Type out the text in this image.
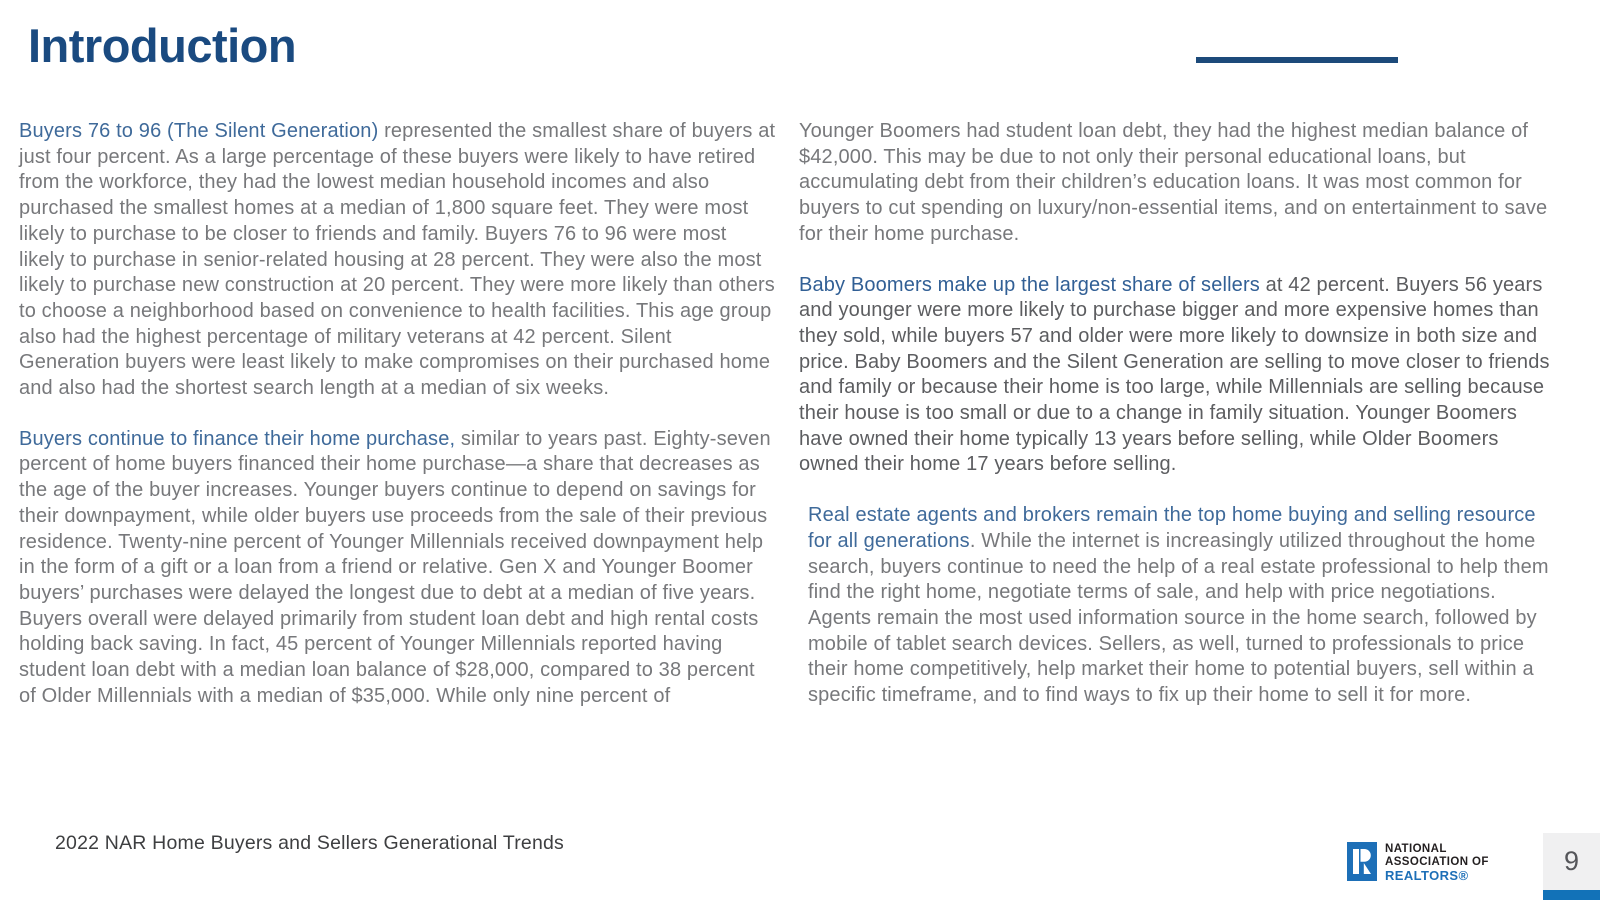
Introduction

Buyers 76 to 96 (The Silent Generation) represented the smallest share of buyers at just four percent. As a large percentage of these buyers were likely to have retired from the workforce, they had the lowest median household incomes and also purchased the smallest homes at a median of 1,800 square feet. They were most likely to purchase to be closer to friends and family. Buyers 76 to 96 were most likely to purchase in senior-related housing at 28 percent. They were also the most likely to purchase new construction at 20 percent. They were more likely than others to choose a neighborhood based on convenience to health facilities. This age group also had the highest percentage of military veterans at 42 percent. Silent Generation buyers were least likely to make compromises on their purchased home and also had the shortest search length at a median of six weeks.

Buyers continue to finance their home purchase, similar to years past. Eighty-seven percent of home buyers financed their home purchase—a share that decreases as the age of the buyer increases. Younger buyers continue to depend on savings for their downpayment, while older buyers use proceeds from the sale of their previous residence. Twenty-nine percent of Younger Millennials received downpayment help in the form of a gift or a loan from a friend or relative. Gen X and Younger Boomer buyers’ purchases were delayed the longest due to debt at a median of five years. Buyers overall were delayed primarily from student loan debt and high rental costs holding back saving. In fact, 45 percent of Younger Millennials reported having student loan debt with a median loan balance of $28,000, compared to 38 percent of Older Millennials with a median of $35,000. While only nine percent of

Younger Boomers had student loan debt, they had the highest median balance of $42,000. This may be due to not only their personal educational loans, but accumulating debt from their children’s education loans. It was most common for buyers to cut spending on luxury/non-essential items, and on entertainment to save for their home purchase.

Baby Boomers make up the largest share of sellers at 42 percent. Buyers 56 years and younger were more likely to purchase bigger and more expensive homes than they sold, while buyers 57 and older were more likely to downsize in both size and price. Baby Boomers and the Silent Generation are selling to move closer to friends and family or because their home is too large, while Millennials are selling because their house is too small or due to a change in family situation. Younger Boomers have owned their home typically 13 years before selling, while Older Boomers owned their home 17 years before selling.

Real estate agents and brokers remain the top home buying and selling resource for all generations. While the internet is increasingly utilized throughout the home search, buyers continue to need the help of a real estate professional to help them find the right home, negotiate terms of sale, and help with price negotiations. Agents remain the most used information source in the home search, followed by mobile of tablet search devices. Sellers, as well, turned to professionals to price their home competitively, help market their home to potential buyers, sell within a specific timeframe, and to find ways to fix up their home to sell it for more.

2022 NAR Home Buyers and Sellers Generational Trends	NATIONAL
ASSOCIATION OF
REALTORS®	9
